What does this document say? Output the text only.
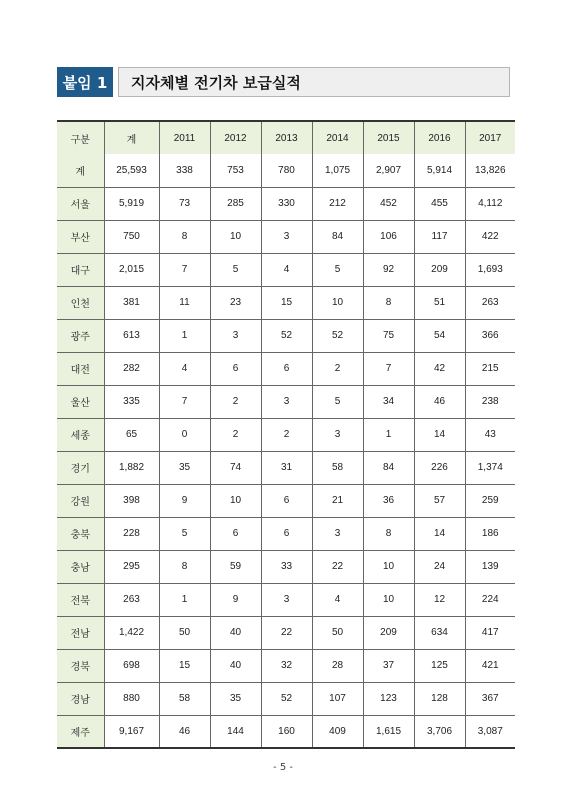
붙임 1	지자체별 전기차 보급실적
구분	계	2011	2012	2013	2014	2015	2016	2017
계	25,593	338	753	780	1,075	2,907	5,914	13,826
서울	5,919	73	285	330	212	452	455	4,112
부산	750	8	10	3	84	106	117	422
대구	2,015	7	5	4	5	92	209	1,693
인천	381	11	23	15	10	8	51	263
광주	613	1	3	52	52	75	54	366
대전	282	4	6	6	2	7	42	215
울산	335	7	2	3	5	34	46	238
세종	65	0	2	2	3	1	14	43
경기	1,882	35	74	31	58	84	226	1,374
강원	398	9	10	6	21	36	57	259
충북	228	5	6	6	3	8	14	186
충남	295	8	59	33	22	10	24	139
전북	263	1	9	3	4	10	12	224
전남	1,422	50	40	22	50	209	634	417
경북	698	15	40	32	28	37	125	421
경남	880	58	35	52	107	123	128	367
제주	9,167	46	144	160	409	1,615	3,706	3,087
- 5 -
